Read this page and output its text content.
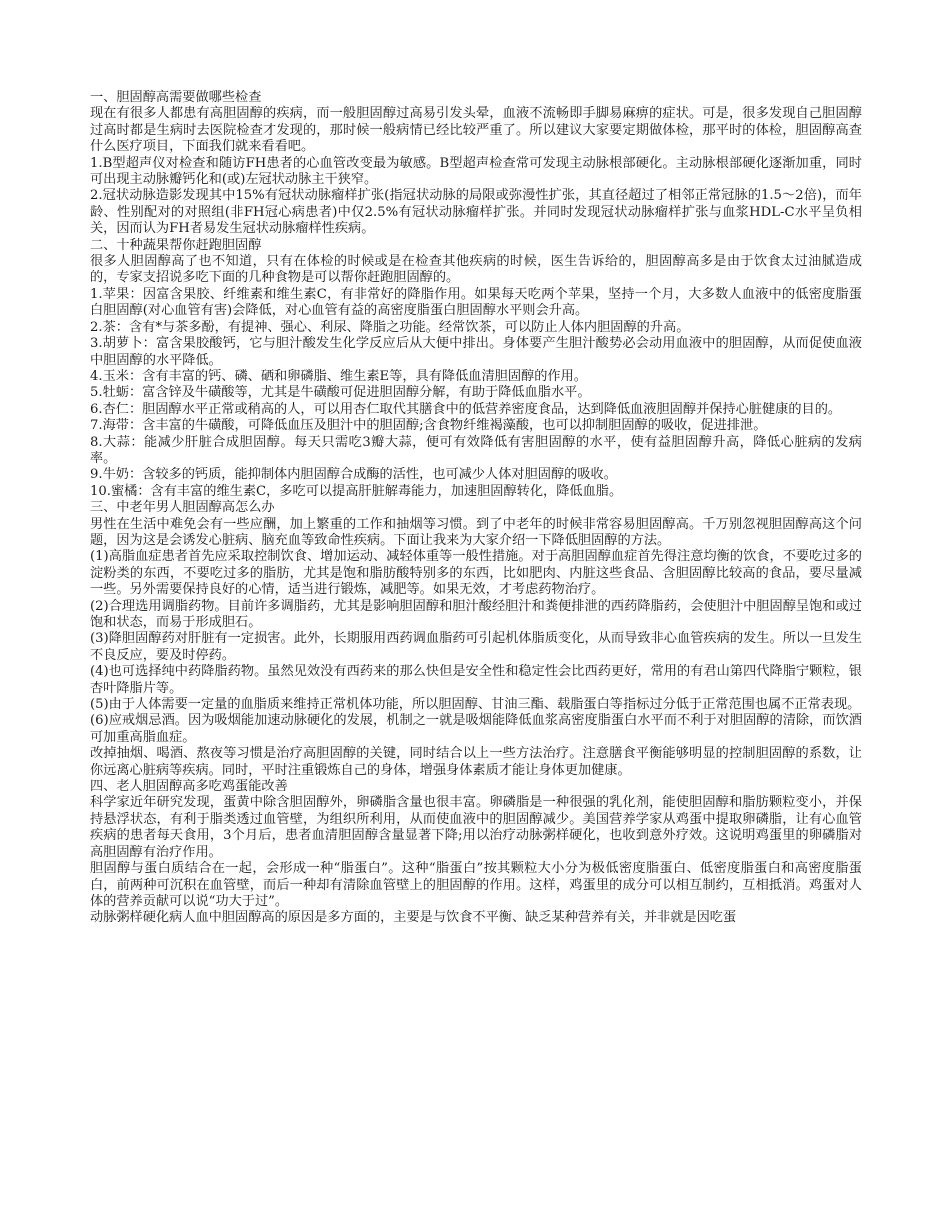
一、胆固醇高需要做哪些检查

现在有很多人都患有高胆固醇的疾病，而一般胆固醇过高易引发头晕，血液不流畅即手脚易麻痹的症状。可是，很多发现自己胆固醇过高时都是生病时去医院检查才发现的，那时候一般病情已经比较严重了。所以建议大家要定期做体检，那平时的体检，胆固醇高查什么医疗项目，下面我们就来看看吧。

1.B型超声仪对检查和随访FH患者的心血管改变最为敏感。B型超声检查常可发现主动脉根部硬化。主动脉根部硬化逐渐加重，同时可出现主动脉瓣钙化和(或)左冠状动脉主干狭窄。

2.冠状动脉造影发现其中15%有冠状动脉瘤样扩张(指冠状动脉的局限或弥漫性扩张，其直径超过了相邻正常冠脉的1.5～2倍)，而年龄、性别配对的对照组(非FH冠心病患者)中仅2.5%有冠状动脉瘤样扩张。并同时发现冠状动脉瘤样扩张与血浆HDL-C水平呈负相关，因而认为FH者易发生冠状动脉瘤样性疾病。

二、十种蔬果帮你赶跑胆固醇

很多人胆固醇高了也不知道，只有在体检的时候或是在检查其他疾病的时候，医生告诉给的，胆固醇高多是由于饮食太过油腻造成的，专家支招说多吃下面的几种食物是可以帮你赶跑胆固醇的。

1.苹果：因富含果胶、纤维素和维生素C，有非常好的降脂作用。如果每天吃两个苹果，坚持一个月，大多数人血液中的低密度脂蛋白胆固醇(对心血管有害)会降低，对心血管有益的高密度脂蛋白胆固醇水平则会升高。

2.茶：含有*与茶多酚，有提神、强心、利尿、降脂之功能。经常饮茶，可以防止人体内胆固醇的升高。

3.胡萝卜：富含果胶酸钙，它与胆汁酸发生化学反应后从大便中排出。身体要产生胆汁酸势必会动用血液中的胆固醇，从而促使血液中胆固醇的水平降低。

4.玉米：含有丰富的钙、磷、硒和卵磷脂、维生素E等，具有降低血清胆固醇的作用。

5.牡蛎：富含锌及牛磺酸等，尤其是牛磺酸可促进胆固醇分解，有助于降低血脂水平。

6.杏仁：胆固醇水平正常或稍高的人，可以用杏仁取代其膳食中的低营养密度食品，达到降低血液胆固醇并保持心脏健康的目的。

7.海带：含丰富的牛磺酸，可降低血压及胆汁中的胆固醇;含食物纤维褐藻酸，也可以抑制胆固醇的吸收，促进排泄。

8.大蒜：能减少肝脏合成胆固醇。每天只需吃3瓣大蒜，便可有效降低有害胆固醇的水平，使有益胆固醇升高，降低心脏病的发病率。

9.牛奶：含较多的钙质，能抑制体内胆固醇合成酶的活性，也可减少人体对胆固醇的吸收。

10.蜜橘：含有丰富的维生素C，多吃可以提高肝脏解毒能力，加速胆固醇转化，降低血脂。

三、中老年男人胆固醇高怎么办

男性在生活中难免会有一些应酬，加上繁重的工作和抽烟等习惯。到了中老年的时候非常容易胆固醇高。千万别忽视胆固醇高这个问题，因为这是会诱发心脏病、脑充血等致命性疾病。下面让我来为大家介绍一下降低胆固醇的方法。

(1)高脂血症患者首先应采取控制饮食、增加运动、减轻体重等一般性措施。对于高胆固醇血症首先得注意均衡的饮食，不要吃过多的淀粉类的东西，不要吃过多的脂肪，尤其是饱和脂肪酸特别多的东西，比如肥肉、内脏这些食品、含胆固醇比较高的食品，要尽量减一些。另外需要保持良好的心情，适当进行锻炼，减肥等。如果无效，才考虑药物治疗。

(2)合理选用调脂药物。目前许多调脂药，尤其是影响胆固醇和胆汁酸经胆汁和粪便排泄的西药降脂药，会使胆汁中胆固醇呈饱和或过饱和状态，而易于形成胆石。

(3)降胆固醇药对肝脏有一定损害。此外，长期服用西药调血脂药可引起机体脂质变化，从而导致非心血管疾病的发生。所以一旦发生不良反应，要及时停药。

(4)也可选择纯中药降脂药物。虽然见效没有西药来的那么快但是安全性和稳定性会比西药更好，常用的有君山第四代降脂宁颗粒，银杏叶降脂片等。

(5)由于人体需要一定量的血脂质来维持正常机体功能，所以胆固醇、甘油三酯、载脂蛋白等指标过分低于正常范围也属不正常表现。

(6)应戒烟忌酒。因为吸烟能加速动脉硬化的发展，机制之一就是吸烟能降低血浆高密度脂蛋白水平而不利于对胆固醇的清除，而饮酒可加重高脂血症。

改掉抽烟、喝酒、熬夜等习惯是治疗高胆固醇的关键，同时结合以上一些方法治疗。注意膳食平衡能够明显的控制胆固醇的系数，让你远离心脏病等疾病。同时，平时注重锻炼自己的身体，增强身体素质才能让身体更加健康。

四、老人胆固醇高多吃鸡蛋能改善

科学家近年研究发现，蛋黄中除含胆固醇外，卵磷脂含量也很丰富。卵磷脂是一种很强的乳化剂，能使胆固醇和脂肪颗粒变小，并保持悬浮状态，有利于脂类透过血管壁，为组织所利用，从而使血液中的胆固醇减少。美国营养学家从鸡蛋中提取卵磷脂，让有心血管疾病的患者每天食用，3个月后，患者血清胆固醇含量显著下降;用以治疗动脉粥样硬化，也收到意外疗效。这说明鸡蛋里的卵磷脂对高胆固醇有治疗作用。

胆固醇与蛋白质结合在一起，会形成一种“脂蛋白”。这种“脂蛋白”按其颗粒大小分为极低密度脂蛋白、低密度脂蛋白和高密度脂蛋白，前两种可沉积在血管壁，而后一种却有清除血管壁上的胆固醇的作用。这样，鸡蛋里的成分可以相互制约，互相抵消。鸡蛋对人体的营养贡献可以说“功大于过”。

动脉粥样硬化病人血中胆固醇高的原因是多方面的，主要是与饮食不平衡、缺乏某种营养有关，并非就是因吃蛋
